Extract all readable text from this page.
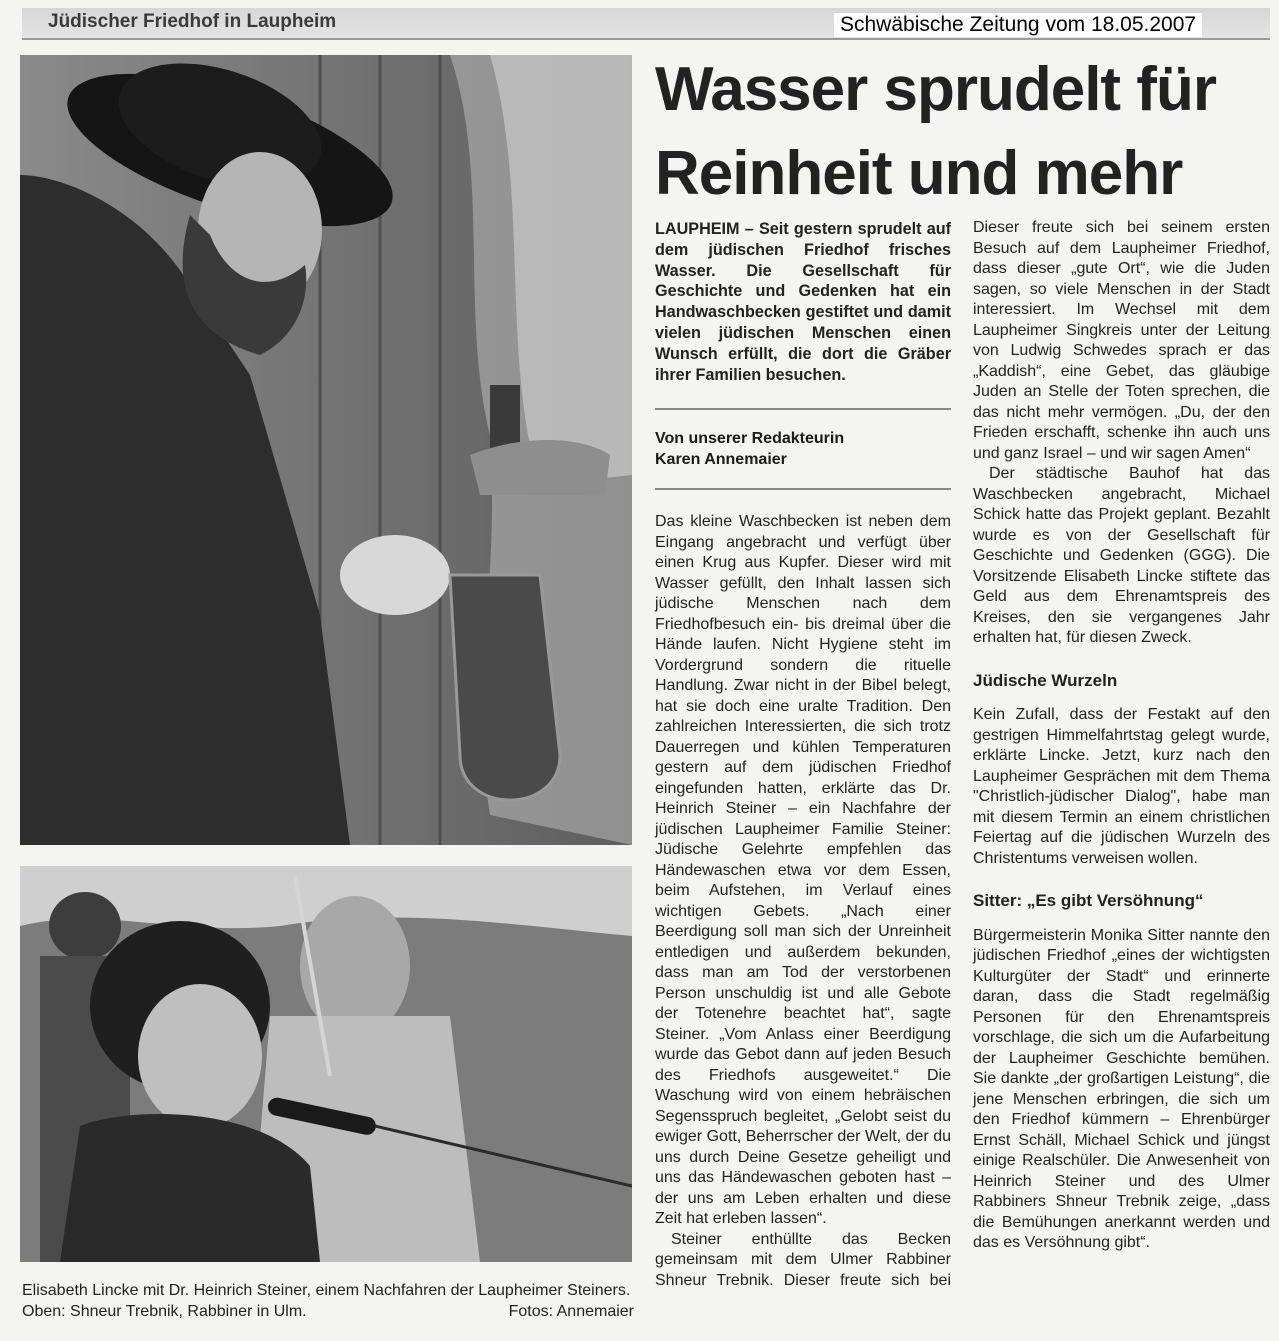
Jüdischer Friedhof in Laupheim	Schwäbische Zeitung vom 18.05.2007
Wasser sprudelt für
Reinheit und mehr
LAUPHEIM – Seit gestern sprudelt auf dem jüdischen Friedhof frisches Wasser. Die Gesellschaft für Geschichte und Gedenken hat ein Handwaschbecken gestiftet und damit vielen jüdischen Menschen einen Wunsch erfüllt, die dort die Gräber ihrer Familien besuchen.
Von unserer Redakteurin
Karen Annemaier

Das kleine Waschbecken ist neben dem Eingang angebracht und verfügt über einen Krug aus Kupfer. Dieser wird mit Wasser gefüllt, den Inhalt lassen sich jüdische Menschen nach dem Friedhofbesuch ein- bis dreimal über die Hände laufen. Nicht Hygiene steht im Vordergrund sondern die rituelle Handlung. Zwar nicht in der Bibel belegt, hat sie doch eine uralte Tradition. Den zahlreichen Interessierten, die sich trotz Dauerregen und kühlen Temperaturen gestern auf dem jüdischen Friedhof eingefunden hatten, erklärte das Dr. Heinrich Steiner – ein Nachfahre der jüdischen Laupheimer Familie Steiner: Jüdische Gelehrte empfehlen das Händewaschen etwa vor dem Essen, beim Aufstehen, im Verlauf eines wichtigen Gebets. „Nach einer Beerdigung soll man sich der Unreinheit entledigen und außerdem bekunden, dass man am Tod der verstorbenen Person unschuldig ist und alle Gebote der Totenehre beachtet hat“, sagte Steiner. „Vom Anlass einer Beerdigung wurde das Gebot dann auf jeden Besuch des Friedhofs ausgeweitet.“ Die Waschung wird von einem hebräischen Segensspruch begleitet, „Gelobt seist du ewiger Gott, Beherrscher der Welt, der du uns durch Deine Gesetze geheiligt und uns das Händewaschen geboten hast – der uns am Leben erhalten und diese Zeit hat erleben lassen“.

Steiner enthüllte das Becken gemeinsam mit dem Ulmer Rabbiner Shneur Trebnik. Dieser freute sich bei

Dieser freute sich bei seinem ersten Besuch auf dem Laupheimer Friedhof, dass dieser „gute Ort“, wie die Juden sagen, so viele Menschen in der Stadt interessiert. Im Wechsel mit dem Laupheimer Singkreis unter der Leitung von Ludwig Schwedes sprach er das „Kaddish“, eine Gebet, das gläubige Juden an Stelle der Toten sprechen, die das nicht mehr vermögen. „Du, der den Frieden erschafft, schenke ihn auch uns und ganz Israel – und wir sagen Amen“

Der städtische Bauhof hat das Waschbecken angebracht, Michael Schick hatte das Projekt geplant. Bezahlt wurde es von der Gesellschaft für Geschichte und Gedenken (GGG). Die Vorsitzende Elisabeth Lincke stiftete das Geld aus dem Ehrenamtspreis des Kreises, den sie vergangenes Jahr erhalten hat, für diesen Zweck.

Jüdische Wurzeln

Kein Zufall, dass der Festakt auf den gestrigen Himmelfahrtstag gelegt wurde, erklärte Lincke. Jetzt, kurz nach den Laupheimer Gesprächen mit dem Thema "Christlich-jüdischer Dialog", habe man mit diesem Termin an einem christlichen Feiertag auf die jüdischen Wurzeln des Christentums verweisen wollen.

Sitter: „Es gibt Versöhnung“

Bürgermeisterin Monika Sitter nannte den jüdischen Friedhof „eines der wichtigsten Kulturgüter der Stadt“ und erinnerte daran, dass die Stadt regelmäßig Personen für den Ehrenamtspreis vorschlage, die sich um die Aufarbeitung der Laupheimer Geschichte bemühen. Sie dankte „der großartigen Leistung“, die jene Menschen erbringen, die sich um den Friedhof kümmern – Ehrenbürger Ernst Schäll, Michael Schick und jüngst einige Realschüler. Die Anwesenheit von Heinrich Steiner und des Ulmer Rabbiners Shneur Trebnik zeige, „dass die Bemühungen anerkannt werden und das es Versöhnung gibt“.

Elisabeth Lincke mit Dr. Heinrich Steiner, einem Nachfahren der Laupheimer Steiners. Oben: Shneur Trebnik, Rabbiner in Ulm.	Fotos: Annemaier
